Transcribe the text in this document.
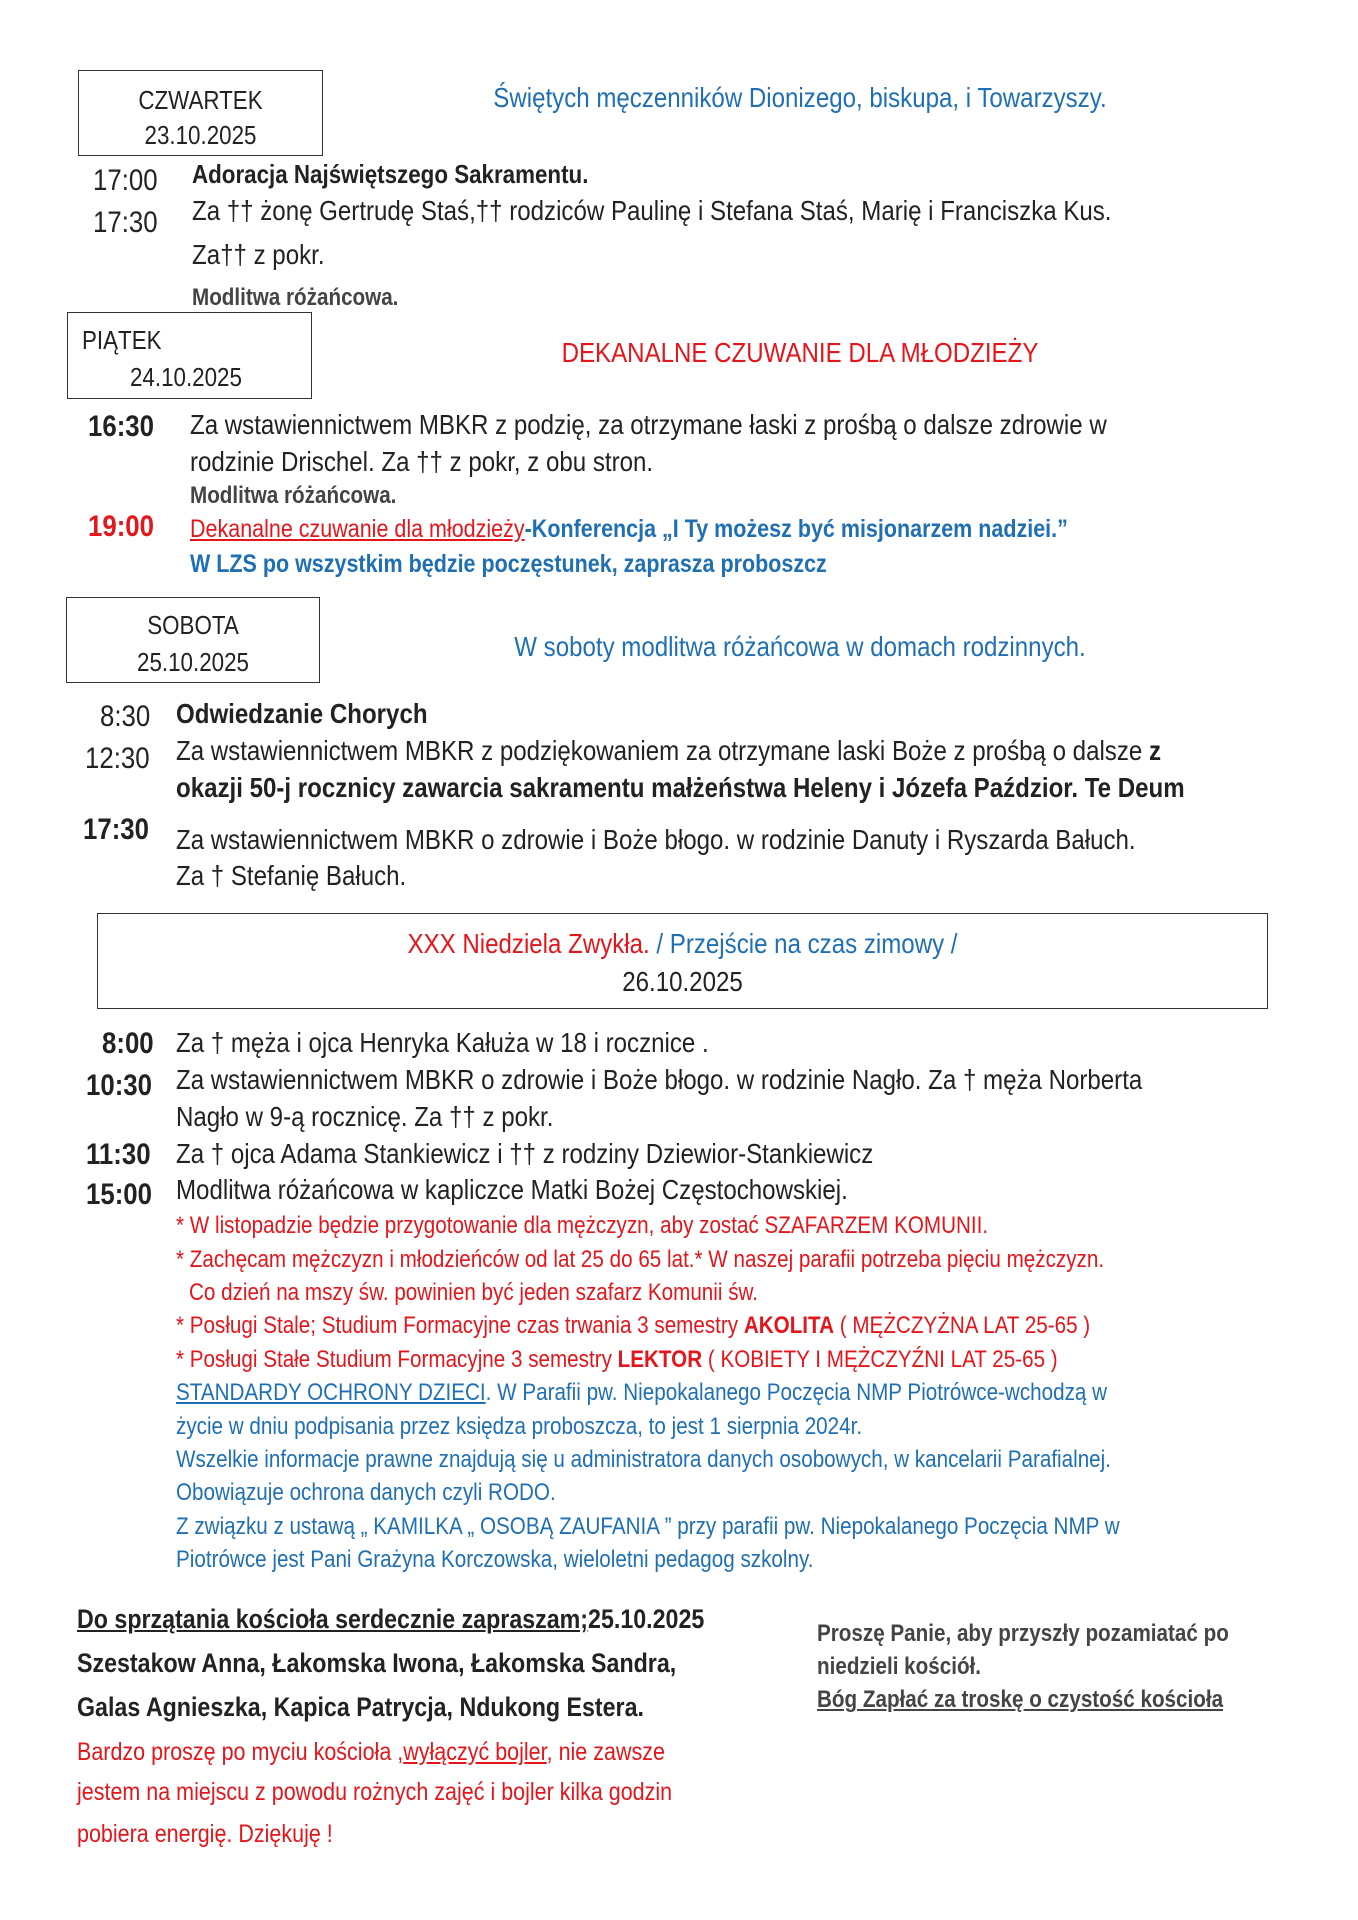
CZWARTEK
23.10.2025
Świętych męczenników Dionizego, biskupa, i Towarzyszy.
17:00
17:30
Adoracja Najświętszego Sakramentu.
Za †† żonę Gertrudę Staś,†† rodziców Paulinę i Stefana Staś, Marię i Franciszka Kus.
Za†† z pokr.
Modlitwa różańcowa.
PIĄTEK
24.10.2025
DEKANALNE CZUWANIE DLA MŁODZIEŻY
16:30 Za wstawiennictwem MBKR z podzię, za otrzymane łaski z prośbą o dalsze zdrowie w
rodzinie Drischel. Za †† z pokr, z obu stron.
Modlitwa różańcowa.
19:00 Dekanalne czuwanie dla młodzieży-Konferencja „I Ty możesz być misjonarzem nadziei.”
W LZS po wszystkim będzie poczęstunek, zaprasza proboszcz
SOBOTA
25.10.2025	W soboty modlitwa różańcowa w domach rodzinnych.
8:30
12:30
17:30
Odwiedzanie Chorych
Za wstawiennictwem MBKR z podziękowaniem za otrzymane laski Boże z prośbą o dalsze z
okazji 50-j rocznicy zawarcia sakramentu małżeństwa Heleny i Józefa Paździor. Te Deum
Za wstawiennictwem MBKR o zdrowie i Boże błogo. w rodzinie Danuty i Ryszarda Bałuch.
Za † Stefanię Bałuch.
XXX Niedziela Zwykła. / Przejście na czas zimowy /
26.10.2025
8:00
10:30
11:30
15:00
Za † męża i ojca Henryka Kałuża w 18 i rocznice .
Za wstawiennictwem MBKR o zdrowie i Boże błogo. w rodzinie Nagło. Za † męża Norberta
Nagło w 9-ą rocznicę. Za †† z pokr.
Za † ojca Adama Stankiewicz i †† z rodziny Dziewior-Stankiewicz
Modlitwa różańcowa w kapliczce Matki Bożej Częstochowskiej.
* W listopadzie będzie przygotowanie dla mężczyzn, aby zostać SZAFARZEM KOMUNII.
* Zachęcam mężczyzn i młodzieńców od lat 25 do 65 lat.* W naszej parafii potrzeba pięciu mężczyzn.
Co dzień na mszy św. powinien być jeden szafarz Komunii św.
* Posługi Stale; Studium Formacyjne czas trwania 3 semestry AKOLITA ( MĘŻCZYŻNA LAT 25-65 )
* Posługi Stałe Studium Formacyjne 3 semestry LEKTOR ( KOBIETY I MĘŻCZYŹNI LAT 25-65 )
STANDARDY OCHRONY DZIECI. W Parafii pw. Niepokalanego Poczęcia NMP Piotrówce-wchodzą w
życie w dniu podpisania przez księdza proboszcza, to jest 1 sierpnia 2024r.
Wszelkie informacje prawne znajdują się u administratora danych osobowych, w kancelarii Parafialnej.
Obowiązuje ochrona danych czyli RODO.
Z związku z ustawą „ KAMILKA „ OSOBĄ ZAUFANIA ” przy parafii pw. Niepokalanego Poczęcia NMP w
Piotrówce jest Pani Grażyna Korczowska, wieloletni pedagog szkolny.
Do sprzątania kościoła serdecznie zapraszam;25.10.2025
Szestakow Anna, Łakomska Iwona, Łakomska Sandra,
Galas Agnieszka, Kapica Patrycja, Ndukong Estera.
Bardzo proszę po myciu kościoła ,wyłączyć bojler, nie zawsze
jestem na miejscu z powodu rożnych zajęć i bojler kilka godzin
pobiera energię. Dziękuję !
Proszę Panie, aby przyszły pozamiatać po
niedzieli kościół.
Bóg Zapłać za troskę o czystość kościoła
